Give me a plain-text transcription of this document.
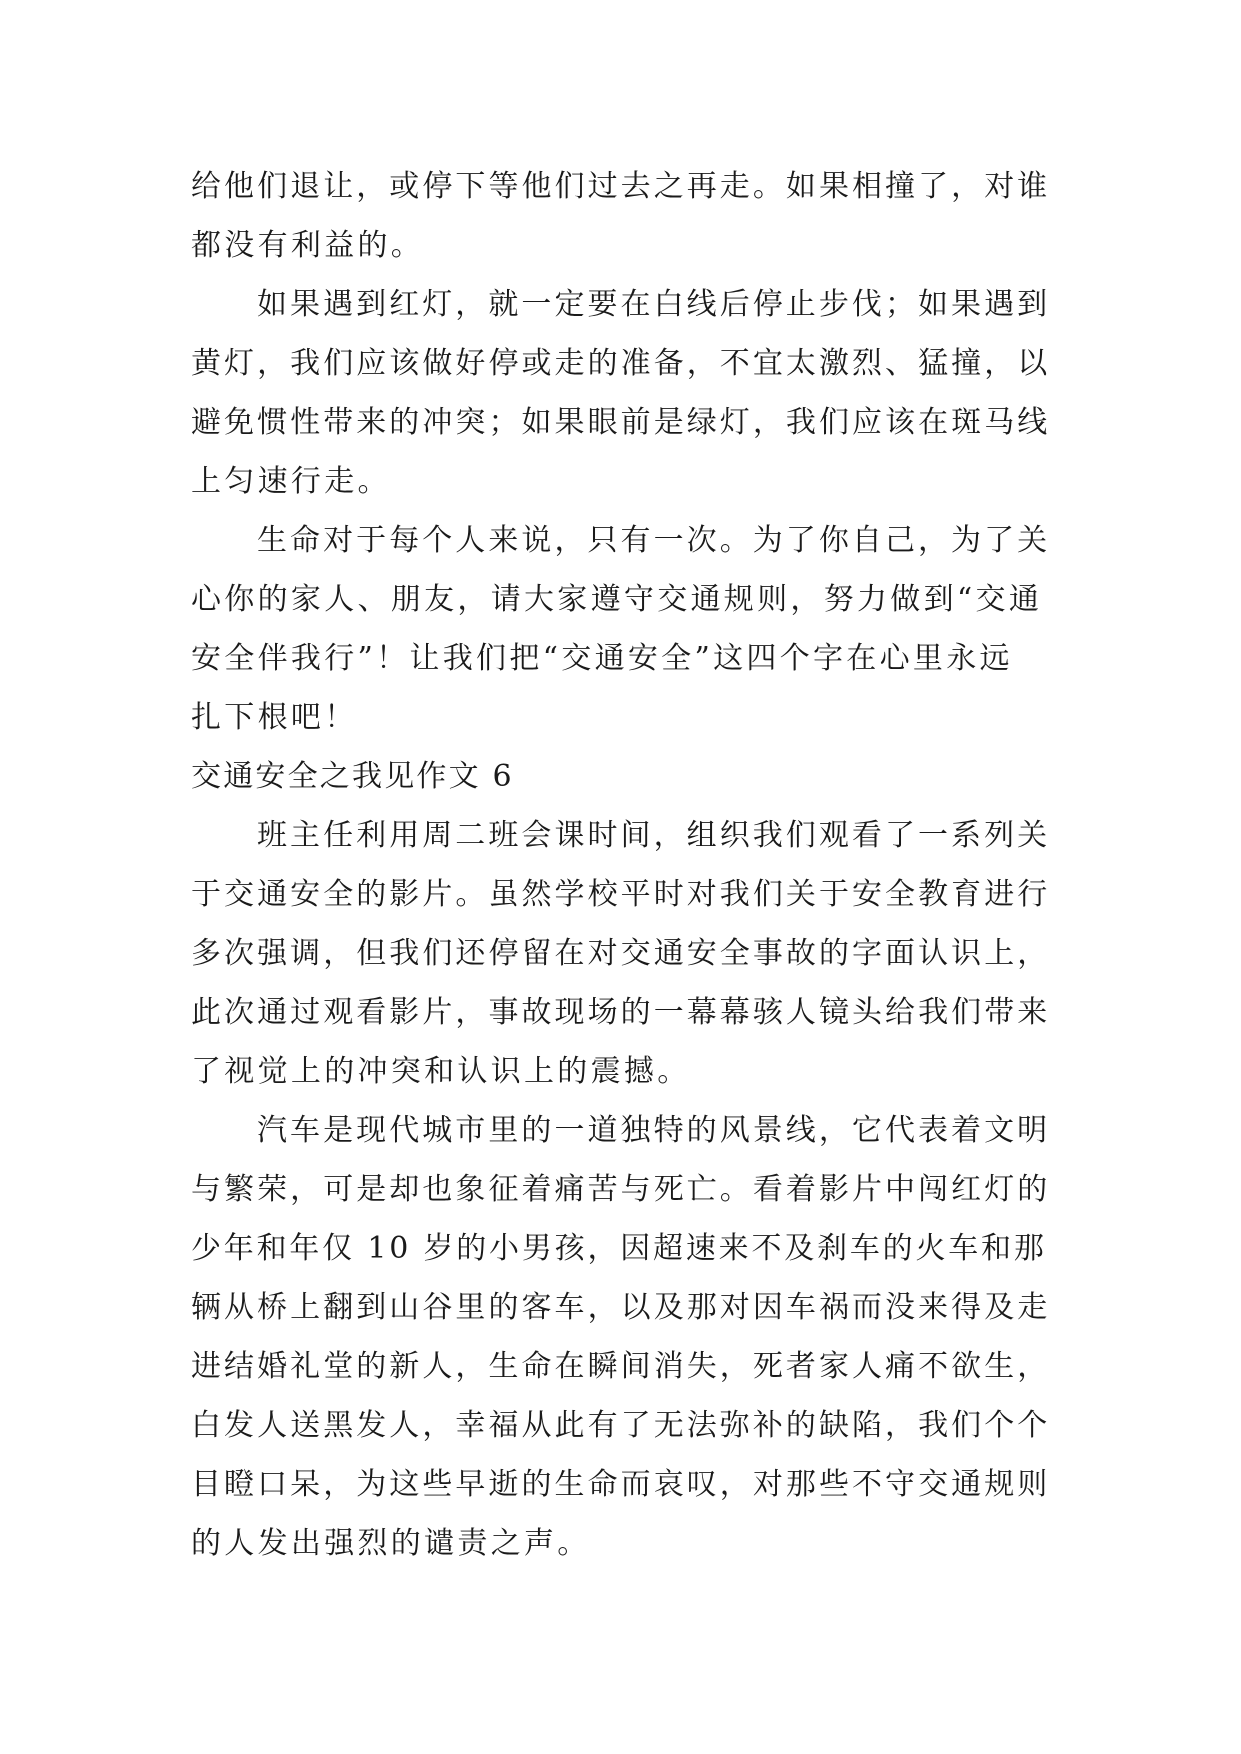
给他们退让，或停下等他们过去之再走。如果相撞了，对谁
都没有利益的。
如果遇到红灯，就一定要在白线后停止步伐；如果遇到
黄灯，我们应该做好停或走的准备，不宜太激烈、猛撞，以
避免惯性带来的冲突；如果眼前是绿灯，我们应该在斑马线
上匀速行走。
生命对于每个人来说，只有一次。为了你自己，为了关
心你的家人、朋友，请大家遵守交通规则，努力做到“交通
安全伴我行”！让我们把“交通安全”这四个字在心里永远
扎下根吧！
交通安全之我见作文 6
班主任利用周二班会课时间，组织我们观看了一系列关
于交通安全的影片。虽然学校平时对我们关于安全教育进行
多次强调，但我们还停留在对交通安全事故的字面认识上，
此次通过观看影片，事故现场的一幕幕骇人镜头给我们带来
了视觉上的冲突和认识上的震撼。
汽车是现代城市里的一道独特的风景线，它代表着文明
与繁荣，可是却也象征着痛苦与死亡。看着影片中闯红灯的
少年和年仅 10 岁的小男孩，因超速来不及刹车的火车和那
辆从桥上翻到山谷里的客车，以及那对因车祸而没来得及走
进结婚礼堂的新人，生命在瞬间消失，死者家人痛不欲生，
白发人送黑发人，幸福从此有了无法弥补的缺陷，我们个个
目瞪口呆，为这些早逝的生命而哀叹，对那些不守交通规则
的人发出强烈的谴责之声。
